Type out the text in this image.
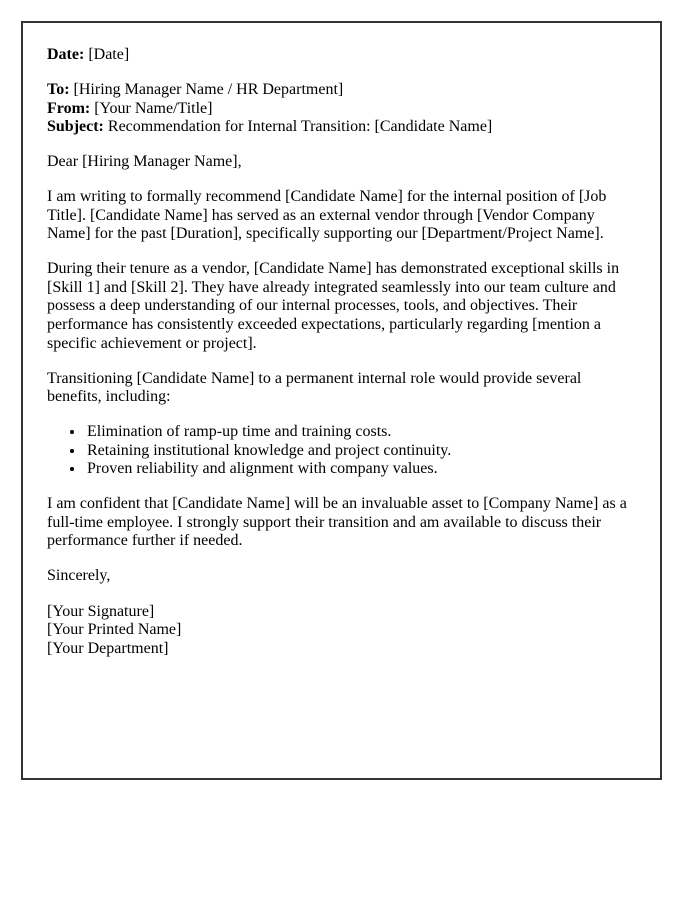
Date: [Date]

To: [Hiring Manager Name / HR Department]
From: [Your Name/Title]
Subject: Recommendation for Internal Transition: [Candidate Name]

Dear [Hiring Manager Name],

I am writing to formally recommend [Candidate Name] for the internal position of [Job Title]. [Candidate Name] has served as an external vendor through [Vendor Company Name] for the past [Duration], specifically supporting our [Department/Project Name].

During their tenure as a vendor, [Candidate Name] has demonstrated exceptional skills in [Skill 1] and [Skill 2]. They have already integrated seamlessly into our team culture and possess a deep understanding of our internal processes, tools, and objectives. Their performance has consistently exceeded expectations, particularly regarding [mention a specific achievement or project].

Transitioning [Candidate Name] to a permanent internal role would provide several benefits, including:

• Elimination of ramp-up time and training costs.
• Retaining institutional knowledge and project continuity.
• Proven reliability and alignment with company values.

I am confident that [Candidate Name] will be an invaluable asset to [Company Name] as a full-time employee. I strongly support their transition and am available to discuss their performance further if needed.

Sincerely,

[Your Signature]
[Your Printed Name]
[Your Department]
